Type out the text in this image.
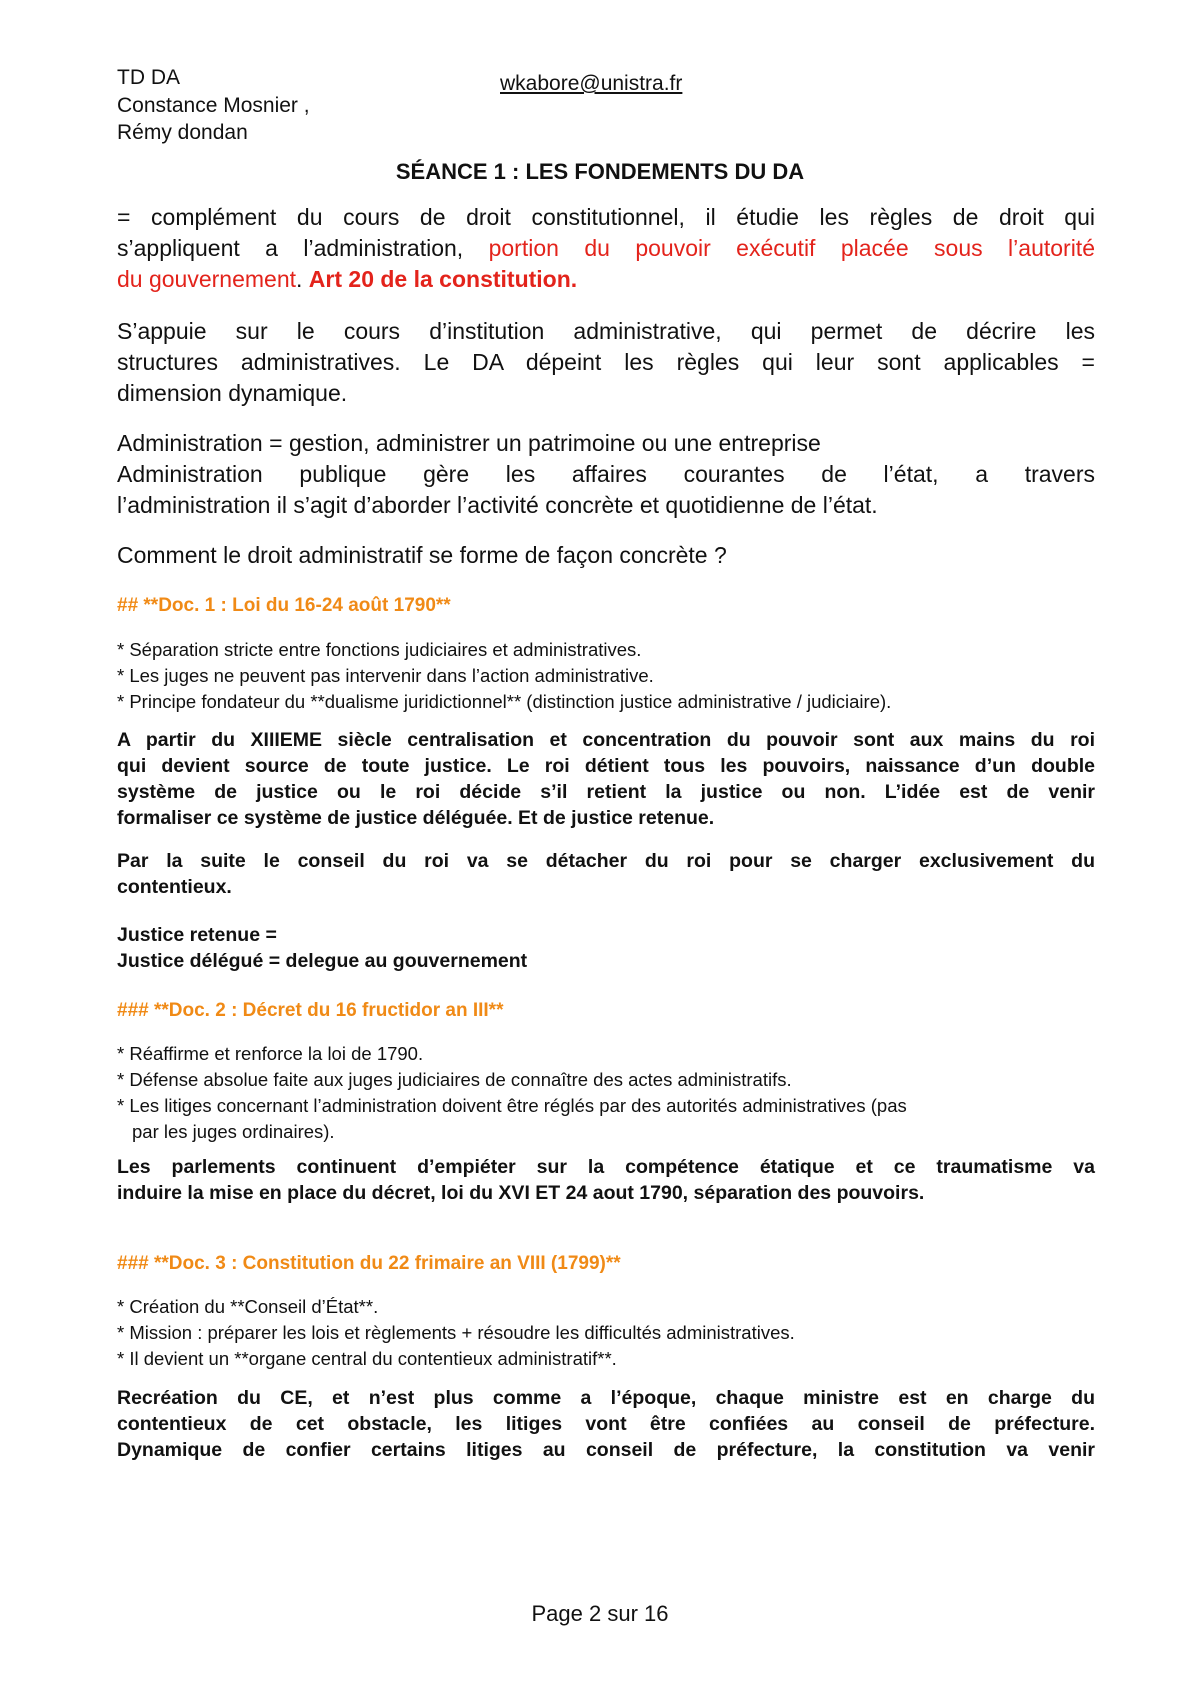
TD DA	wkabore@unistra.fr
Constance Mosnier ,
Rémy dondan
SÉANCE 1 : LES FONDEMENTS DU DA
= complément du cours de droit constitutionnel, il étudie les règles de droit qui
s’appliquent a l’administration, portion du pouvoir exécutif placée sous l’autorité
du gouvernement. Art 20 de la constitution.
S’appuie sur le cours d’institution administrative, qui permet de décrire les
structures administratives. Le DA dépeint les règles qui leur sont applicables =
dimension dynamique.
Administration = gestion, administrer un patrimoine ou une entreprise
Administration publique gère les affaires courantes de l’état, a travers
l’administration il s’agit d’aborder l’activité concrète et quotidienne de l’état.
Comment le droit administratif se forme de façon concrète ?
## **Doc. 1 : Loi du 16-24 août 1790**
* Séparation stricte entre fonctions judiciaires et administratives.
* Les juges ne peuvent pas intervenir dans l’action administrative.
* Principe fondateur du **dualisme juridictionnel** (distinction justice administrative / judiciaire).
A partir du XIIIEME siècle centralisation et concentration du pouvoir sont aux mains du roi
qui devient source de toute justice. Le roi détient tous les pouvoirs, naissance d’un double
système de justice ou le roi décide s’il retient la justice ou non. L’idée est de venir
formaliser ce système de justice déléguée. Et de justice retenue.
Par la suite le conseil du roi va se détacher du roi pour se charger exclusivement du
contentieux.
Justice retenue =
Justice délégué = delegue au gouvernement
### **Doc. 2 : Décret du 16 fructidor an III**
* Réaffirme et renforce la loi de 1790.
* Défense absolue faite aux juges judiciaires de connaître des actes administratifs.
* Les litiges concernant l’administration doivent être réglés par des autorités administratives (pas
par les juges ordinaires).
Les parlements continuent d’empiéter sur la compétence étatique et ce traumatisme va
induire la mise en place du décret, loi du XVI ET 24 aout 1790, séparation des pouvoirs.
### **Doc. 3 : Constitution du 22 frimaire an VIII (1799)**
* Création du **Conseil d’État**.
* Mission : préparer les lois et règlements + résoudre les difficultés administratives.
* Il devient un **organe central du contentieux administratif**.
Recréation du CE, et n’est plus comme a l’époque, chaque ministre est en charge du
contentieux de cet obstacle, les litiges vont être confiées au conseil de préfecture.
Dynamique de confier certains litiges au conseil de préfecture, la constitution va venir
Page 2 sur 16
